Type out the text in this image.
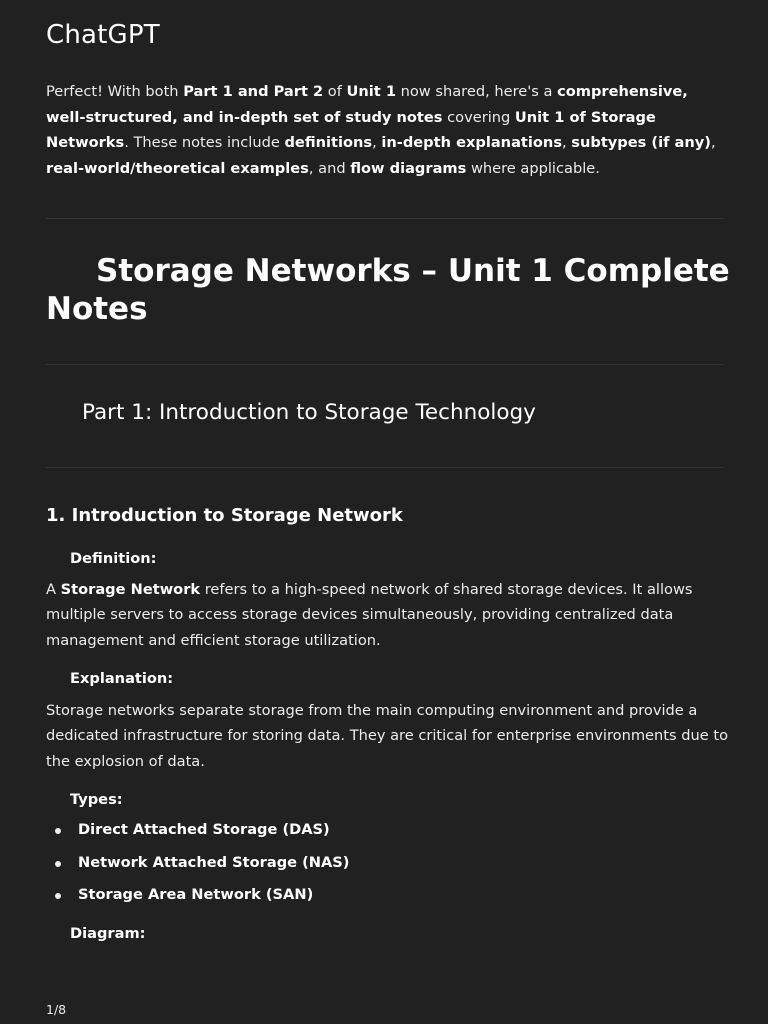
ChatGPT

Perfect! With both Part 1 and Part 2 of Unit 1 now shared, here's a comprehensive, well-structured, and in-depth set of study notes covering Unit 1 of Storage Networks. These notes include definitions, in-depth explanations, subtypes (if any), real-world/theoretical examples, and flow diagrams where applicable.

Storage Networks – Unit 1 Complete Notes
Part 1: Introduction to Storage Technology
1. Introduction to Storage Network
Definition:

A Storage Network refers to a high-speed network of shared storage devices. It allows multiple servers to access storage devices simultaneously, providing centralized data management and efficient storage utilization.

Explanation:

Storage networks separate storage from the main computing environment and provide a dedicated infrastructure for storing data. They are critical for enterprise environments due to the explosion of data.

Types:
Direct Attached Storage (DAS)
Network Attached Storage (NAS)
Storage Area Network (SAN)
Diagram:
1/8
